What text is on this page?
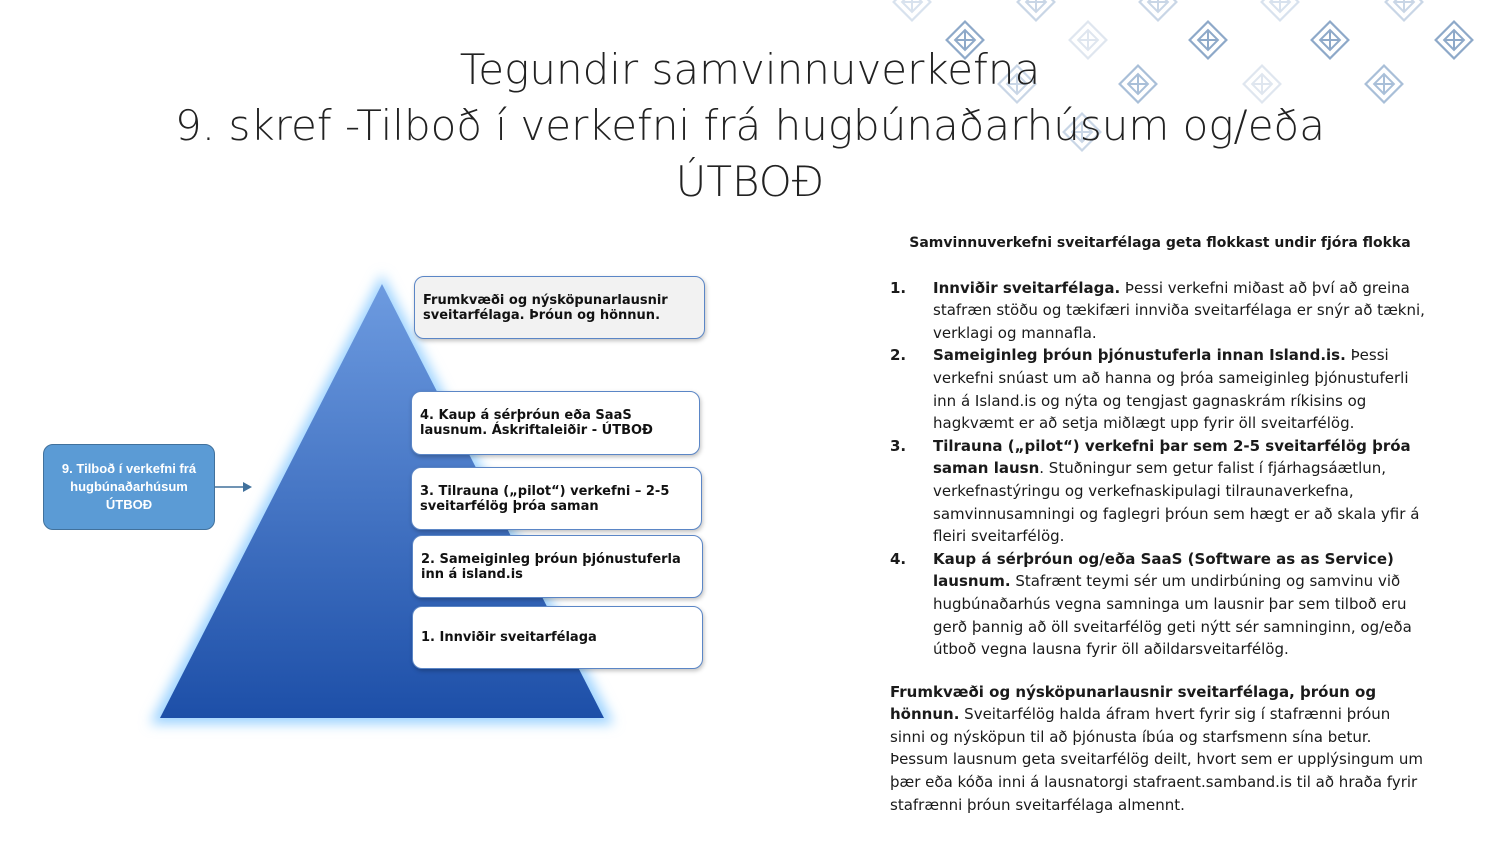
Tegundir samvinnuverkefna
9. skref -Tilboð í verkefni frá hugbúnaðarhúsum og/eða
ÚTBOÐ
Frumkvæði og nýsköpunarlausnir sveitarfélaga. Þróun og hönnun.
4. Kaup á sérþróun eða SaaS lausnum. Áskriftaleiðir - ÚTBOÐ
3. Tilrauna („pilot“) verkefni – 2-5 sveitarfélög þróa saman
2. Sameiginleg þróun þjónustuferla inn á island.is
1. Innviðir sveitarfélaga
9. Tilboð í verkefni frá hugbúnaðarhúsum ÚTBOÐ
Samvinnuverkefni sveitarfélaga geta flokkast undir fjóra flokka
1. Innviðir sveitarfélaga. Þessi verkefni miðast að því að greina stafræn stöðu og tækifæri innviða sveitarfélaga er snýr að tækni, verklagi og mannafla.
2. Sameiginleg þróun þjónustuferla innan Island.is. Þessi verkefni snúast um að hanna og þróa sameiginleg þjónustuferli inn á Island.is og nýta og tengjast gagnaskrám ríkisins og hagkvæmt er að setja miðlægt upp fyrir öll sveitarfélög.
3. Tilrauna („pilot“) verkefni þar sem 2-5 sveitarfélög þróa saman lausn. Stuðningur sem getur falist í fjárhagsáætlun, verkefnastýringu og verkefnaskipulagi tilraunaverkefna, samvinnusamningi og faglegri þróun sem hægt er að skala yfir á fleiri sveitarfélög.
4. Kaup á sérþróun og/eða SaaS (Software as as Service) lausnum. Stafrænt teymi sér um undirbúning og samvinu við hugbúnaðarhús vegna samninga um lausnir þar sem tilboð eru gerð þannig að öll sveitarfélög geti nýtt sér samninginn, og/eða útboð vegna lausna fyrir öll aðildarsveitarfélög.
Frumkvæði og nýsköpunarlausnir sveitarfélaga, þróun og hönnun. Sveitarfélög halda áfram hvert fyrir sig í stafrænni þróun sinni og nýsköpun til að þjónusta íbúa og starfsmenn sína betur. Þessum lausnum geta sveitarfélög deilt, hvort sem er upplýsingum um þær eða kóða inni á lausnatorgi stafraent.samband.is til að hraða fyrir stafrænni þróun sveitarfélaga almennt.
